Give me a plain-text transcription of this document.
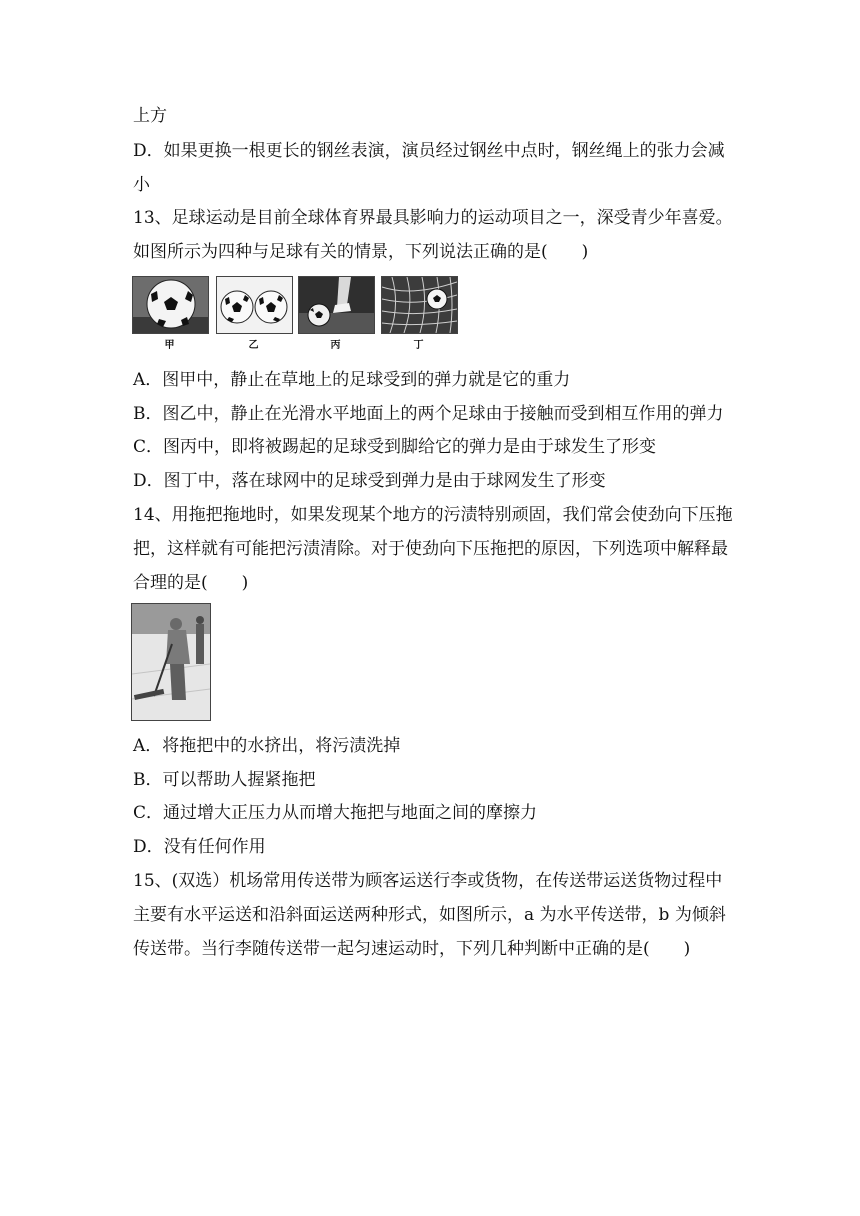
上方
D．如果更换一根更长的钢丝表演，演员经过钢丝中点时，钢丝绳上的张力会减
小
13、足球运动是目前全球体育界最具影响力的运动项目之一，深受青少年喜爱。
如图所示为四种与足球有关的情景，下列说法正确的是(　　)
甲	乙	丙	丁
A．图甲中，静止在草地上的足球受到的弹力就是它的重力
B．图乙中，静止在光滑水平地面上的两个足球由于接触而受到相互作用的弹力
C．图丙中，即将被踢起的足球受到脚给它的弹力是由于球发生了形变
D．图丁中，落在球网中的足球受到弹力是由于球网发生了形变
14、用拖把拖地时，如果发现某个地方的污渍特别顽固，我们常会使劲向下压拖
把，这样就有可能把污渍清除。对于使劲向下压拖把的原因，下列选项中解释最
合理的是(　　)
A．将拖把中的水挤出，将污渍洗掉
B．可以帮助人握紧拖把
C．通过增大正压力从而增大拖把与地面之间的摩擦力
D．没有任何作用
15、(双选）机场常用传送带为顾客运送行李或货物，在传送带运送货物过程中
主要有水平运送和沿斜面运送两种形式，如图所示，a 为水平传送带，b 为倾斜
传送带。当行李随传送带一起匀速运动时，下列几种判断中正确的是(　　)
